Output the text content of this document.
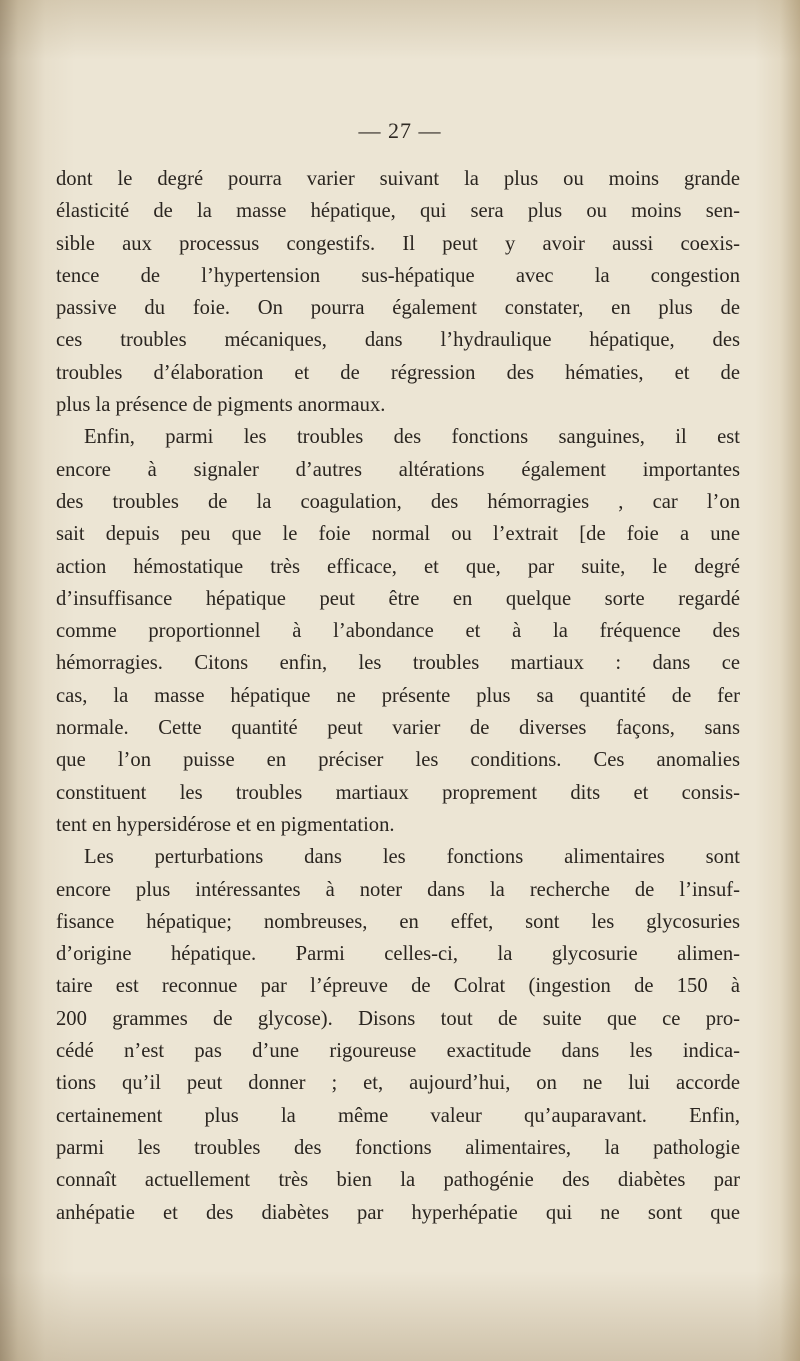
— 27 —
dont le degré pourra varier suivant la plus ou moins grande
élasticité de la masse hépatique, qui sera plus ou moins sen-
sible aux processus congestifs. Il peut y avoir aussi coexis-
tence de l’hypertension sus-hépatique avec la congestion
passive du foie. On pourra également constater, en plus de
ces troubles mécaniques, dans l’hydraulique hépatique, des
troubles d’élaboration et de régression des hématies, et de
plus la présence de pigments anormaux.
Enfin, parmi les troubles des fonctions sanguines, il est
encore à signaler d’autres altérations également importantes
des troubles de la coagulation, des hémorragies , car l’on
sait depuis peu que le foie normal ou l’extrait [de foie a une
action hémostatique très efficace, et que, par suite, le degré
d’insuffisance hépatique peut être en quelque sorte regardé
comme proportionnel à l’abondance et à la fréquence des
hémorragies. Citons enfin, les troubles martiaux : dans ce
cas, la masse hépatique ne présente plus sa quantité de fer
normale. Cette quantité peut varier de diverses façons, sans
que l’on puisse en préciser les conditions. Ces anomalies
constituent les troubles martiaux proprement dits et consis-
tent en hypersidérose et en pigmentation.
Les perturbations dans les fonctions alimentaires sont
encore plus intéressantes à noter dans la recherche de l’insuf-
fisance hépatique; nombreuses, en effet, sont les glycosuries
d’origine hépatique. Parmi celles-ci, la glycosurie alimen-
taire est reconnue par l’épreuve de Colrat (ingestion de 150 à
200 grammes de glycose). Disons tout de suite que ce pro-
cédé n’est pas d’une rigoureuse exactitude dans les indica-
tions qu’il peut donner ; et, aujourd’hui, on ne lui accorde
certainement plus la même valeur qu’auparavant. Enfin,
parmi les troubles des fonctions alimentaires, la pathologie
connaît actuellement très bien la pathogénie des diabètes par
anhépatie et des diabètes par hyperhépatie qui ne sont que
